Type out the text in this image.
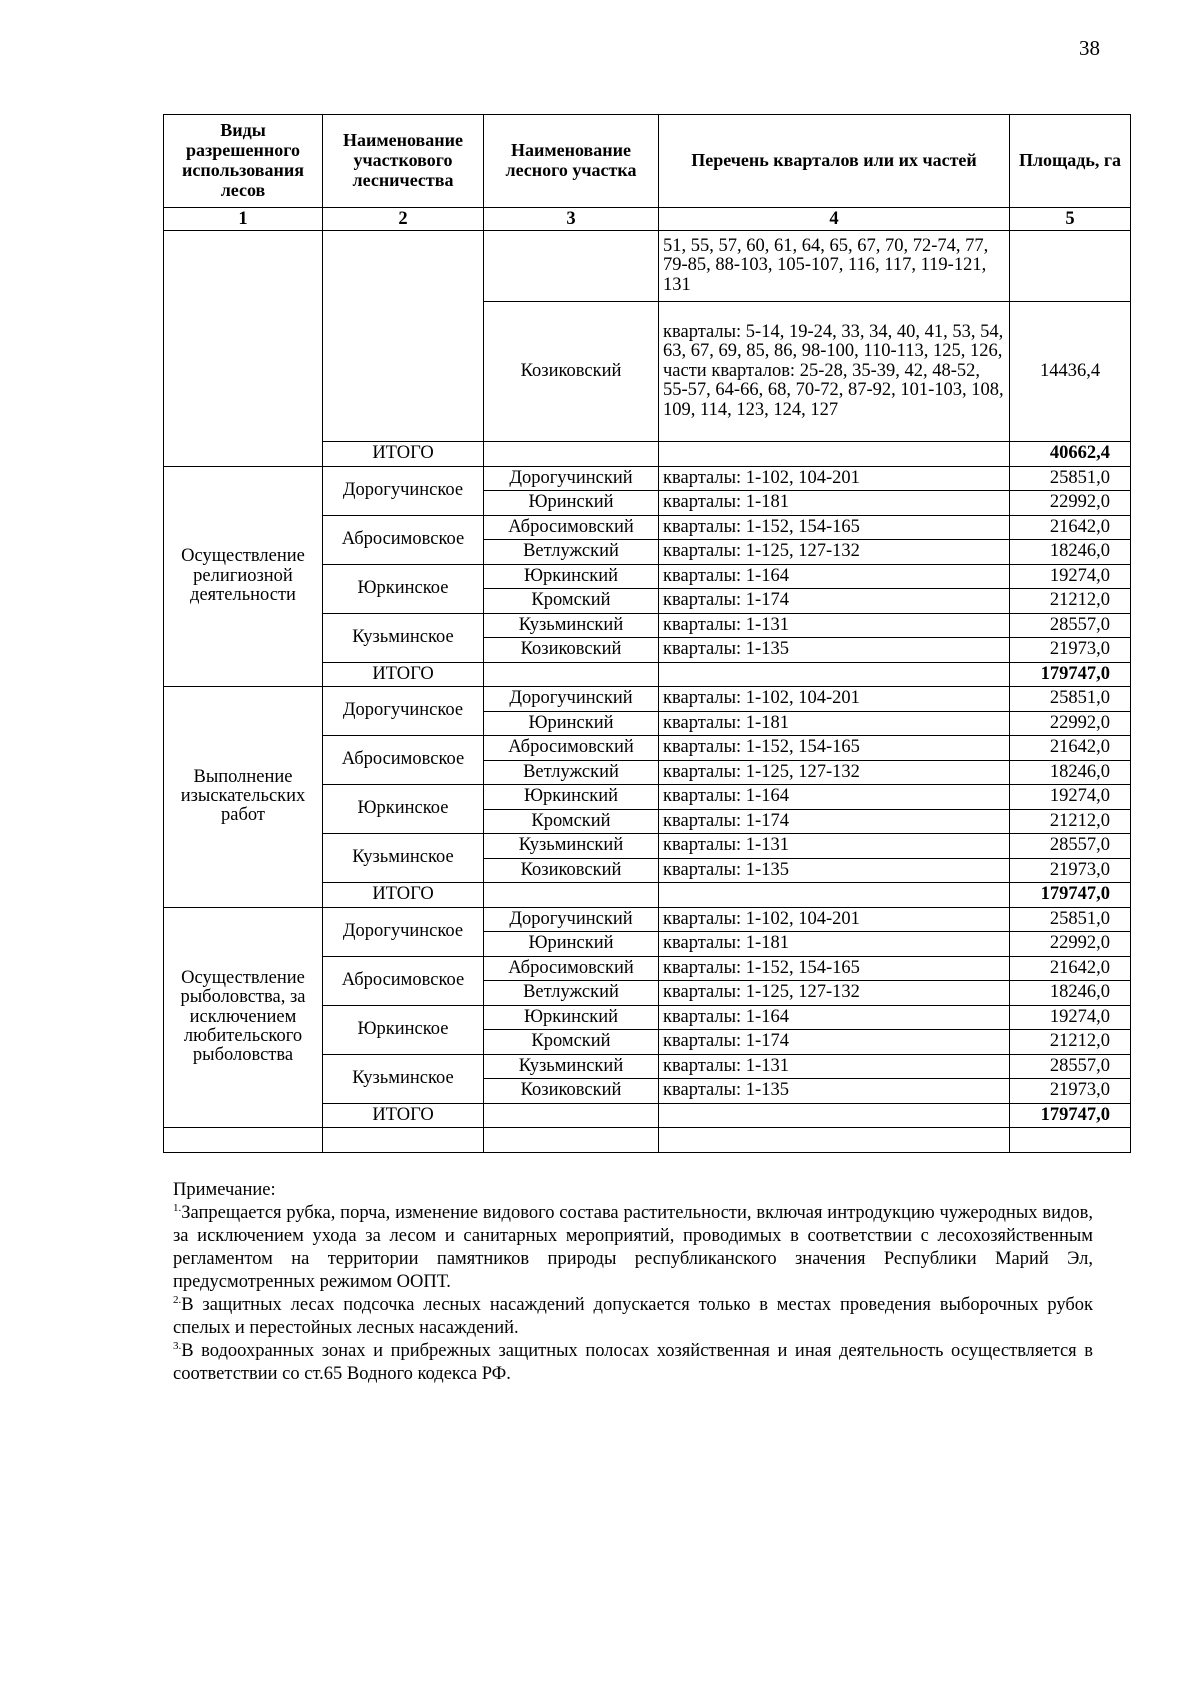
38
Виды разрешенного использования лесов	Наименование участкового лесничества	Наименование лесного участка	Перечень кварталов или их частей	Площадь, га
1	2	3	4	5
			51, 55, 57, 60, 61, 64, 65, 67, 70, 72-74, 77, 79-85, 88-103, 105-107, 116, 117, 119-121, 131	
		Козиковский	кварталы: 5-14, 19-24, 33, 34, 40, 41, 53, 54, 63, 67, 69, 85, 86, 98-100, 110-113, 125, 126, части кварталов: 25-28, 35-39, 42, 48-52, 55-57, 64-66, 68, 70-72, 87-92, 101-103, 108, 109, 114, 123, 124, 127	14436,4
	ИТОГО			40662,4
Осуществление религиозной деятельности	Дорогучинское	Дорогучинский	кварталы: 1-102, 104-201	25851,0
		Юринский	кварталы: 1-181	22992,0
	Абросимовское	Абросимовский	кварталы: 1-152, 154-165	21642,0
		Ветлужский	кварталы: 1-125, 127-132	18246,0
	Юркинское	Юркинский	кварталы: 1-164	19274,0
		Кромский	кварталы: 1-174	21212,0
	Кузьминское	Кузьминский	кварталы: 1-131	28557,0
		Козиковский	кварталы: 1-135	21973,0
	ИТОГО			179747,0
Выполнение изыскательских работ	Дорогучинское	Дорогучинский	кварталы: 1-102, 104-201	25851,0
		Юринский	кварталы: 1-181	22992,0
	Абросимовское	Абросимовский	кварталы: 1-152, 154-165	21642,0
		Ветлужский	кварталы: 1-125, 127-132	18246,0
	Юркинское	Юркинский	кварталы: 1-164	19274,0
		Кромский	кварталы: 1-174	21212,0
	Кузьминское	Кузьминский	кварталы: 1-131	28557,0
		Козиковский	кварталы: 1-135	21973,0
	ИТОГО			179747,0
Осуществление рыболовства, за исключением любительского рыболовства	Дорогучинское	Дорогучинский	кварталы: 1-102, 104-201	25851,0
		Юринский	кварталы: 1-181	22992,0
	Абросимовское	Абросимовский	кварталы: 1-152, 154-165	21642,0
		Ветлужский	кварталы: 1-125, 127-132	18246,0
	Юркинское	Юркинский	кварталы: 1-164	19274,0
		Кромский	кварталы: 1-174	21212,0
	Кузьминское	Кузьминский	кварталы: 1-131	28557,0
		Козиковский	кварталы: 1-135	21973,0
	ИТОГО			179747,0

Примечание:

$^{1.}$Запрещается рубка, порча, изменение видового состава растительности, включая интродукцию чужеродных видов, за исключением ухода за лесом и санитарных мероприятий, проводимых в соответствии с лесохозяйственным регламентом на территории памятников природы республиканского значения Республики Марий Эл, предусмотренных режимом ООПТ.

$^{2.}$В защитных лесах подсочка лесных насаждений допускается только в местах проведения выборочных рубок спелых и перестойных лесных насаждений.

$^{3.}$В водоохранных зонах и прибрежных защитных полосах хозяйственная и иная деятельность осуществляется в соответствии со ст.65 Водного кодекса РФ.
